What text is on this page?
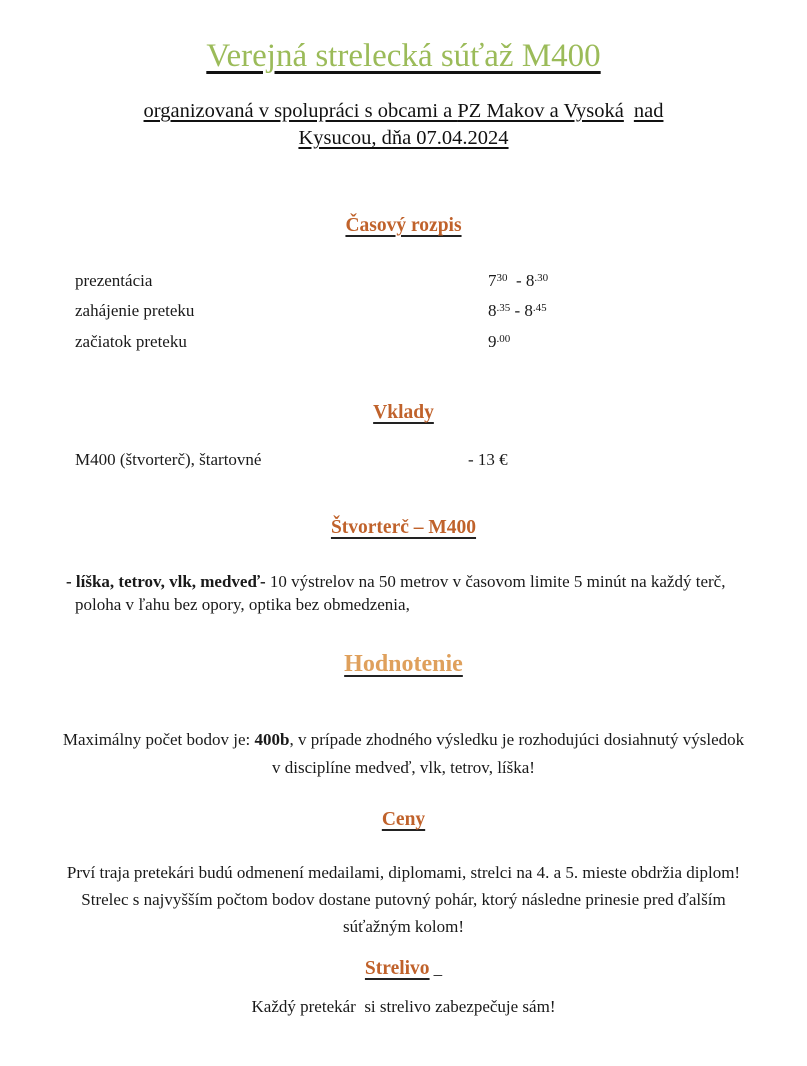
Verejná strelecká súťaž M400
organizovaná v spolupráci s obcami a PZ Makov a Vysoká nad
Kysucou, dňa 07.04.2024
Časový rozpis
prezentácia	$7^{30} - 8^{.30}$
zahájenie preteku	$8^{.35} - 8^{.45}$
začiatok preteku	$9^{.00}$
Vklady
M400 (štvorterč), štartovné	- 13 €
Štvorterč – M400

- líška, tetrov, vlk, medveď- 10 výstrelov na 50 metrov v časovom limite 5 minút na každý terč, poloha v ľahu bez opory, optika bez obmedzenia,

Hodnotenie

Maximálny počet bodov je: 400b, v prípade zhodného výsledku je rozhodujúci dosiahnutý výsledok v disciplíne medveď, vlk, tetrov, líška!

Ceny

Prví traja pretekári budú odmenení medailami, diplomami, strelci na 4. a 5. mieste obdržia diplom! Strelec s najvyšším počtom bodov dostane putovný pohár, ktorý následne prinesie pred ďalším súťažným kolom!

Strelivo _

Každý pretekár  si strelivo zabezpečuje sám!
